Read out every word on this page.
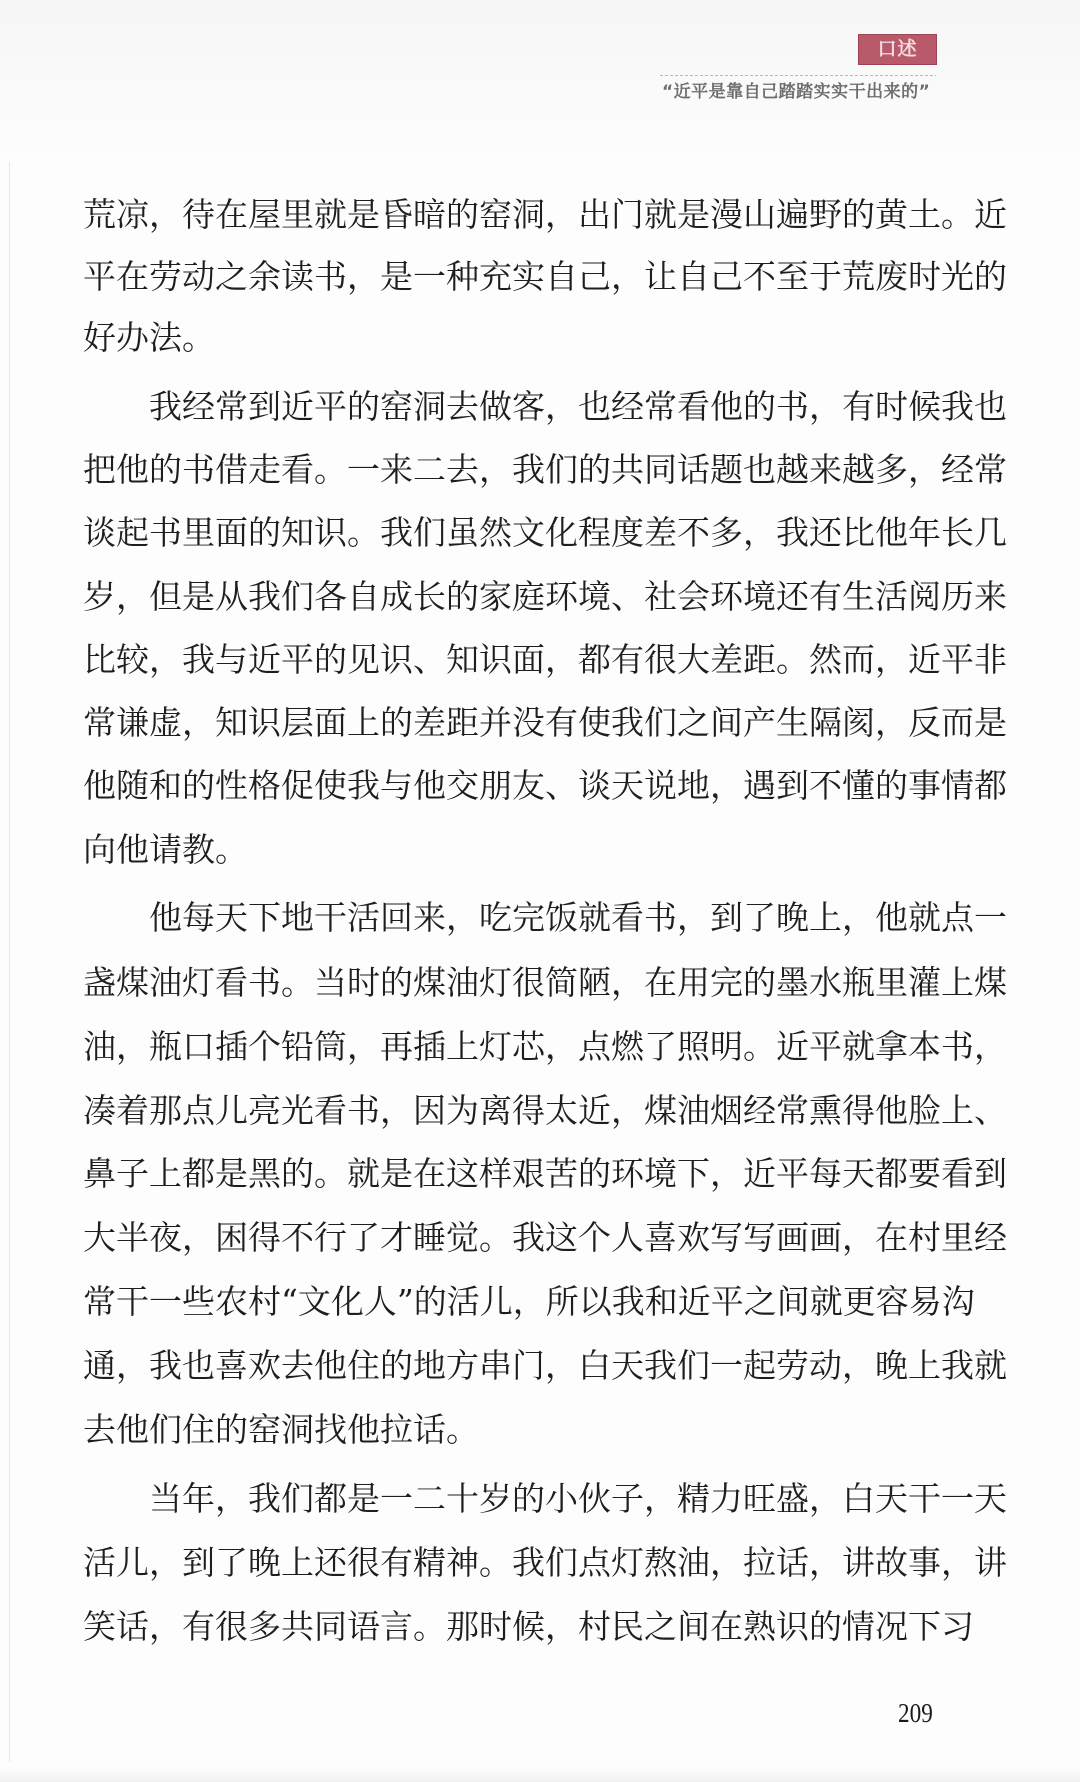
口述
“近平是靠自己踏踏实实干出来的”
荒凉，待在屋里就是昏暗的窑洞，出门就是漫山遍野的黄土。近
平在劳动之余读书，是一种充实自己，让自己不至于荒废时光的
好办法。
我经常到近平的窑洞去做客，也经常看他的书，有时候我也
把他的书借走看。一来二去，我们的共同话题也越来越多，经常
谈起书里面的知识。我们虽然文化程度差不多，我还比他年长几
岁，但是从我们各自成长的家庭环境、社会环境还有生活阅历来
比较，我与近平的见识、知识面，都有很大差距。然而，近平非
常谦虚，知识层面上的差距并没有使我们之间产生隔阂，反而是
他随和的性格促使我与他交朋友、谈天说地，遇到不懂的事情都
向他请教。
他每天下地干活回来，吃完饭就看书，到了晚上，他就点一
盏煤油灯看书。当时的煤油灯很简陋，在用完的墨水瓶里灌上煤
油，瓶口插个铅筒，再插上灯芯，点燃了照明。近平就拿本书，
凑着那点儿亮光看书，因为离得太近，煤油烟经常熏得他脸上、
鼻子上都是黑的。就是在这样艰苦的环境下，近平每天都要看到
大半夜，困得不行了才睡觉。我这个人喜欢写写画画，在村里经
常干一些农村“文化人”的活儿，所以我和近平之间就更容易沟
通，我也喜欢去他住的地方串门，白天我们一起劳动，晚上我就
去他们住的窑洞找他拉话。
当年，我们都是一二十岁的小伙子，精力旺盛，白天干一天
活儿，到了晚上还很有精神。我们点灯熬油，拉话，讲故事，讲
笑话，有很多共同语言。那时候，村民之间在熟识的情况下习
209
